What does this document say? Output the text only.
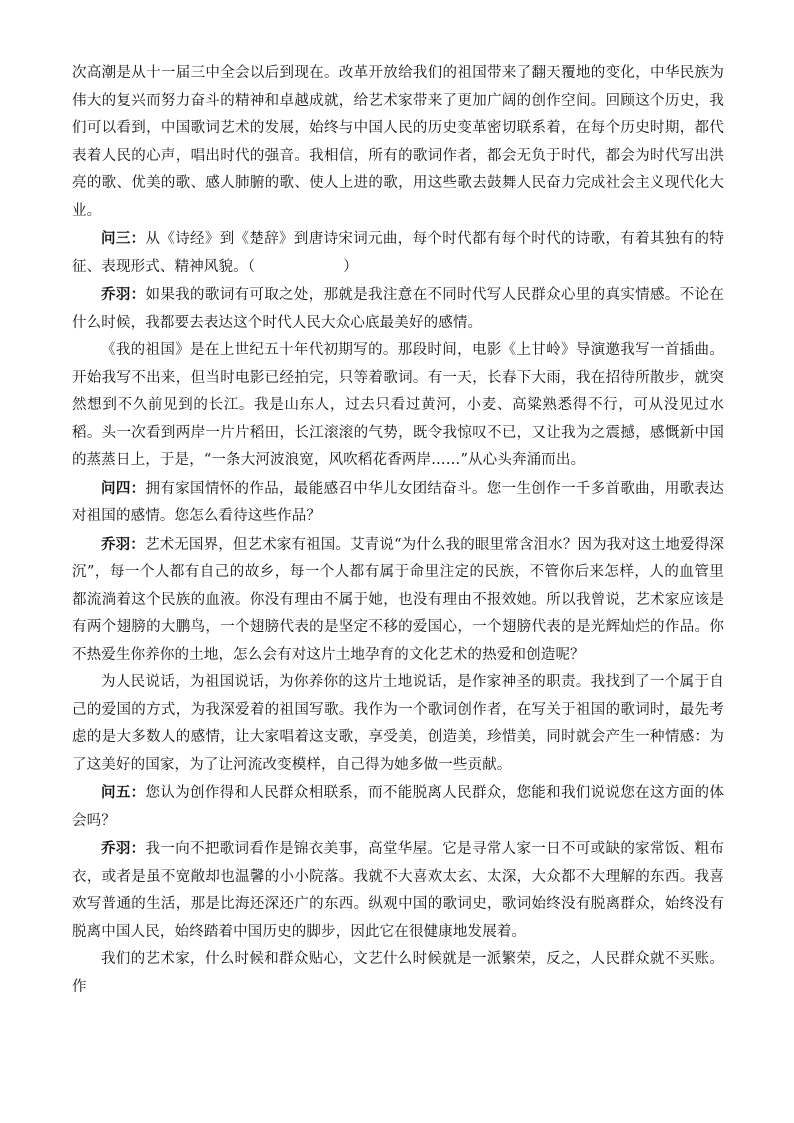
次高潮是从十一届三中全会以后到现在。改革开放给我们的祖国带来了翻天覆地的变化，中华民族为伟大的复兴而努力奋斗的精神和卓越成就，给艺术家带来了更加广阔的创作空间。回顾这个历史，我们可以看到，中国歌词艺术的发展，始终与中国人民的历史变革密切联系着，在每个历史时期，都代表着人民的心声，唱出时代的强音。我相信，所有的歌词作者，都会无负于时代，都会为时代写出洪亮的歌、优美的歌、感人肺腑的歌、使人上进的歌，用这些歌去鼓舞人民奋力完成社会主义现代化大业。

问三：从《诗经》到《楚辞》到唐诗宋词元曲，每个时代都有每个时代的诗歌，有着其独有的特征、表现形式、精神风貌。（	）

乔羽：如果我的歌词有可取之处，那就是我注意在不同时代写人民群众心里的真实情感。不论在什么时候，我都要去表达这个时代人民大众心底最美好的感情。

《我的祖国》是在上世纪五十年代初期写的。那段时间，电影《上甘岭》导演邀我写一首插曲。开始我写不出来，但当时电影已经拍完，只等着歌词。有一天，长春下大雨，我在招待所散步，就突然想到不久前见到的长江。我是山东人，过去只看过黄河，小麦、高粱熟悉得不行，可从没见过水稻。头一次看到两岸一片片稻田，长江滚滚的气势，既令我惊叹不已，又让我为之震撼，感慨新中国的蒸蒸日上，于是，“一条大河波浪宽，风吹稻花香两岸……”从心头奔涌而出。

问四：拥有家国情怀的作品，最能感召中华儿女团结奋斗。您一生创作一千多首歌曲，用歌表达对祖国的感情。您怎么看待这些作品？

乔羽：艺术无国界，但艺术家有祖国。艾青说“为什么我的眼里常含泪水？因为我对这土地爱得深沉”，每一个人都有自己的故乡，每一个人都有属于命里注定的民族，不管你后来怎样，人的血管里都流淌着这个民族的血液。你没有理由不属于她，也没有理由不报效她。所以我曾说，艺术家应该是有两个翅膀的大鹏鸟，一个翅膀代表的是坚定不移的爱国心，一个翅膀代表的是光辉灿烂的作品。你不热爱生你养你的土地，怎么会有对这片土地孕育的文化艺术的热爱和创造呢？

为人民说话，为祖国说话，为你养你的这片土地说话，是作家神圣的职责。我找到了一个属于自己的爱国的方式，为我深爱着的祖国写歌。我作为一个歌词创作者，在写关于祖国的歌词时，最先考虑的是大多数人的感情，让大家唱着这支歌，享受美，创造美，珍惜美，同时就会产生一种情感：为了这美好的国家，为了让河流改变模样，自己得为她多做一些贡献。

问五：您认为创作得和人民群众相联系，而不能脱离人民群众，您能和我们说说您在这方面的体会吗？

乔羽：我一向不把歌词看作是锦衣美事，高堂华屋。它是寻常人家一日不可或缺的家常饭、粗布衣，或者是虽不宽敞却也温馨的小小院落。我就不大喜欢太玄、太深，大众都不大理解的东西。我喜欢写普通的生活，那是比海还深还广的东西。纵观中国的歌词史，歌词始终没有脱离群众，始终没有脱离中国人民，始终踏着中国历史的脚步，因此它在很健康地发展着。

我们的艺术家，什么时候和群众贴心，文艺什么时候就是一派繁荣，反之，人民群众就不买账。作
